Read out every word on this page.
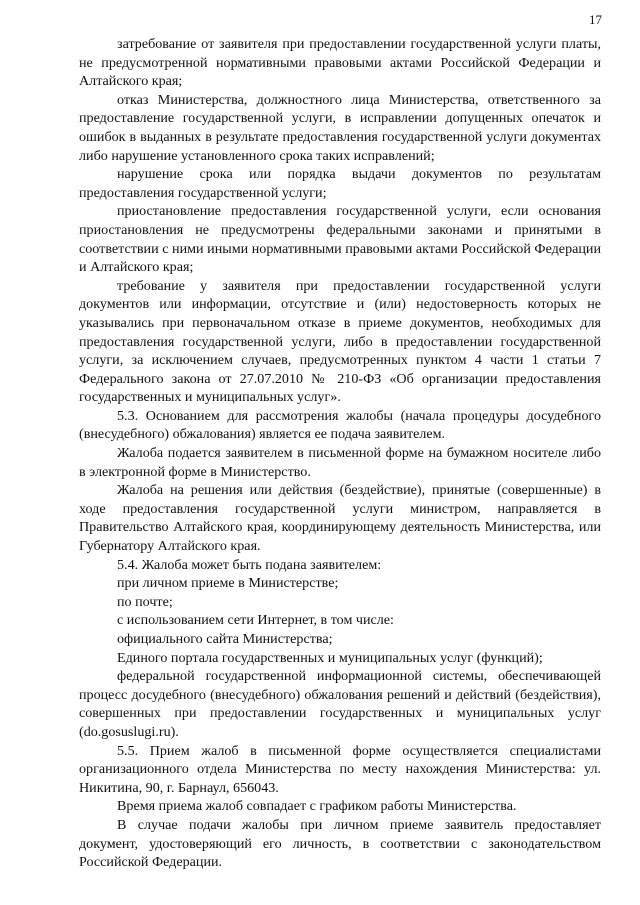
17

затребование от заявителя при предоставлении государственной услуги платы, не предусмотренной нормативными правовыми актами Российской Федерации и Алтайского края;

отказ Министерства, должностного лица Министерства, ответственного за предоставление государственной услуги, в исправлении допущенных опечаток и ошибок в выданных в результате предоставления государственной услуги документах либо нарушение установленного срока таких исправлений;

нарушение срока или порядка выдачи документов по результатам предоставления государственной услуги;

приостановление предоставления государственной услуги, если основания приостановления не предусмотрены федеральными законами и принятыми в соответствии с ними иными нормативными правовыми актами Российской Федерации и Алтайского края;

требование у заявителя при предоставлении государственной услуги документов или информации, отсутствие и (или) недостоверность которых не указывались при первоначальном отказе в приеме документов, необходимых для предоставления государственной услуги, либо в предоставлении государственной услуги, за исключением случаев, предусмотренных пунктом 4 части 1 статьи 7 Федерального закона от 27.07.2010 № 210-ФЗ «Об организации предоставления государственных и муниципальных услуг».

5.3. Основанием для рассмотрения жалобы (начала процедуры досудебного (внесудебного) обжалования) является ее подача заявителем.

Жалоба подается заявителем в письменной форме на бумажном носителе либо в электронной форме в Министерство.

Жалоба на решения или действия (бездействие), принятые (совершенные) в ходе предоставления государственной услуги министром, направляется в Правительство Алтайского края, координирующему деятельность Министерства, или Губернатору Алтайского края.

5.4. Жалоба может быть подана заявителем:

при личном приеме в Министерстве;

по почте;

с использованием сети Интернет, в том числе:

официального сайта Министерства;

Единого портала государственных и муниципальных услуг (функций);

федеральной государственной информационной системы, обеспечивающей процесс досудебного (внесудебного) обжалования решений и действий (бездействия), совершенных при предоставлении государственных и муниципальных услуг (do.gosuslugi.ru).

5.5. Прием жалоб в письменной форме осуществляется специалистами организационного отдела Министерства по месту нахождения Министерства: ул. Никитина, 90, г. Барнаул, 656043.

Время приема жалоб совпадает с графиком работы Министерства.

В случае подачи жалобы при личном приеме заявитель предоставляет документ, удостоверяющий его личность, в соответствии с законодательством Российской Федерации.
